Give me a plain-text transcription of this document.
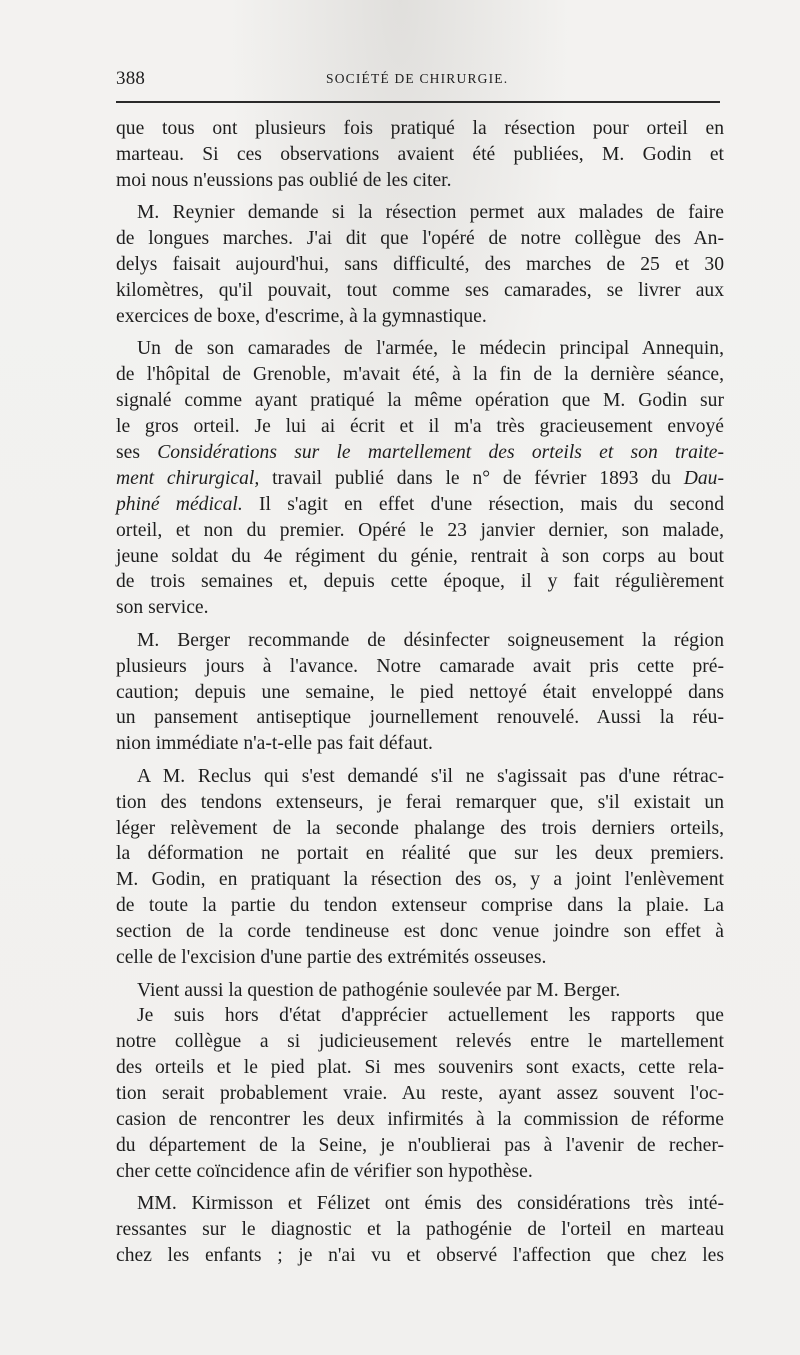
388	SOCIÉTÉ DE CHIRURGIE.

que tous ont plusieurs fois pratiqué la résection pour orteil en
marteau. Si ces observations avaient été publiées, M. Godin et
moi nous n'eussions pas oublié de les citer.

M. Reynier demande si la résection permet aux malades de faire
de longues marches. J'ai dit que l'opéré de notre collègue des An-
delys faisait aujourd'hui, sans difficulté, des marches de 25 et 30
kilomètres, qu'il pouvait, tout comme ses camarades, se livrer aux
exercices de boxe, d'escrime, à la gymnastique.

Un de son camarades de l'armée, le médecin principal Annequin,
de l'hôpital de Grenoble, m'avait été, à la fin de la dernière séance,
signalé comme ayant pratiqué la même opération que M. Godin sur
le gros orteil. Je lui ai écrit et il m'a très gracieusement envoyé
ses Considérations sur le martellement des orteils et son traite-
ment chirurgical, travail publié dans le n° de février 1893 du Dau-
phiné médical. Il s'agit en effet d'une résection, mais du second
orteil, et non du premier. Opéré le 23 janvier dernier, son malade,
jeune soldat du 4e régiment du génie, rentrait à son corps au bout
de trois semaines et, depuis cette époque, il y fait régulièrement
son service.

M. Berger recommande de désinfecter soigneusement la région
plusieurs jours à l'avance. Notre camarade avait pris cette pré-
caution; depuis une semaine, le pied nettoyé était enveloppé dans
un pansement antiseptique journellement renouvelé. Aussi la réu-
nion immédiate n'a-t-elle pas fait défaut.

A M. Reclus qui s'est demandé s'il ne s'agissait pas d'une rétrac-
tion des tendons extenseurs, je ferai remarquer que, s'il existait un
léger relèvement de la seconde phalange des trois derniers orteils,
la déformation ne portait en réalité que sur les deux premiers.
M. Godin, en pratiquant la résection des os, y a joint l'enlèvement
de toute la partie du tendon extenseur comprise dans la plaie. La
section de la corde tendineuse est donc venue joindre son effet à
celle de l'excision d'une partie des extrémités osseuses.

Vient aussi la question de pathogénie soulevée par M. Berger.
Je suis hors d'état d'apprécier actuellement les rapports que
notre collègue a si judicieusement relevés entre le martellement
des orteils et le pied plat. Si mes souvenirs sont exacts, cette rela-
tion serait probablement vraie. Au reste, ayant assez souvent l'oc-
casion de rencontrer les deux infirmités à la commission de réforme
du département de la Seine, je n'oublierai pas à l'avenir de recher-
cher cette coïncidence afin de vérifier son hypothèse.

MM. Kirmisson et Félizet ont émis des considérations très inté-
ressantes sur le diagnostic et la pathogénie de l'orteil en marteau
chez les enfants ; je n'ai vu et observé l'affection que chez les
